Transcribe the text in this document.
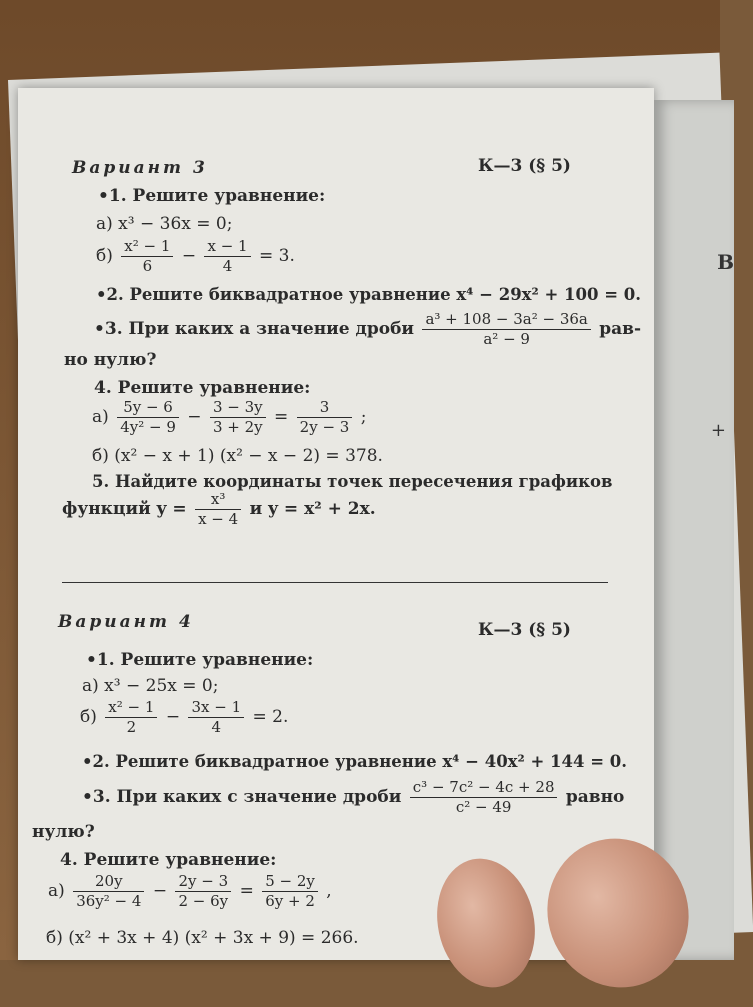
В
+
Вариант 3	К—3 (§ 5)
•1. Решите уравнение:
а) x³ − 36x = 0;
$б) \frac{\text{x² − 1}}{6} - \frac{x - 1}{4} = 3$.
•2. Решите биквадратное уравнение x⁴ − 29x² + 100 = 0.
•3. При каких a значение дроби $\frac{\text{a³ + 108 − 3a² − 36a}}{\text{a² − 9}} рав-$
но нулю?
4. Решите уравнение:
$а) \frac{5y - 6}{\text{4y² − 9}} - \frac{3 - 3y}{3 + 2y} = \frac{3}{2y - 3}$ ;
б) (x² − x + 1) (x² − x − 2) = 378.
5. Найдите координаты точек пересечения графиков
функций $y = \frac{\text{x³}}{x - 4}$ и y = x² + 2x.
Вариант 4	К—3 (§ 5)
•1. Решите уравнение:
а) x³ − 25x = 0;
$б) \frac{\text{x² − 1}}{2} - \frac{3x - 1}{4} = 2$.
•2. Решите биквадратное уравнение x⁴ − 40x² + 144 = 0.
•3. При каких c значение дроби $\frac{\text{c³ − 7c² − 4c + 28}}{\text{c² − 49}}$ равно
нулю?
4. Решите уравнение:
$а) \frac{20y}{\text{36y² − 4}} - \frac{2y - 3}{2 - 6y} = \frac{5 - 2y}{6y + 2}$ ,
б) (x² + 3x + 4) (x² + 3x + 9) = 266.
